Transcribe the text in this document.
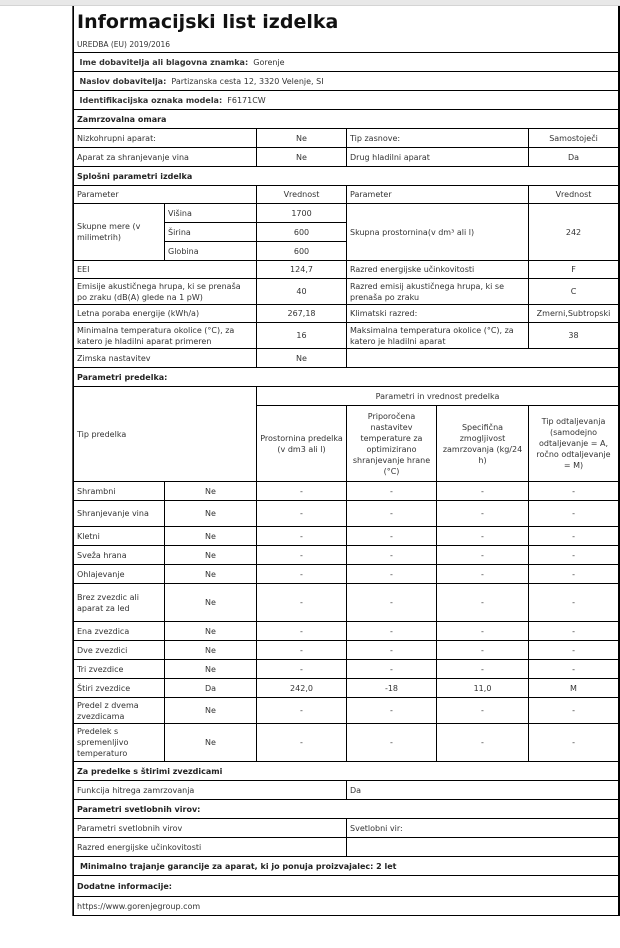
Informacijski list izdelka					
UREDBA (EU) 2019/2016					
Ime dobavitelja ali blagovna znamka: Gorenje					
Naslov dobavitelja: Partizanska cesta 12, 3320 Velenje, SI					
Identifikacijska oznaka modela: F6171CW					
Zamrzovalna omara					
Nizkohrupni aparat:		Ne	Tip zasnove:		Samostoječi
Aparat za shranjevanje vina		Ne	Drug hladilni aparat		Da
Splošni parametri izdelka					
Parameter		Vrednost	Parameter		Vrednost
Skupne mere (v milimetrih)	Višina	1700	Skupna prostornina(v dm³ ali l)		242
	Širina	600			
	Globina	600			
EEI		124,7	Razred energijske učinkovitosti		F
Emisije akustičnega hrupa, ki se prenaša po zraku (dB(A) glede na 1 pW)		40	Razred emisij akustičnega hrupa, ki se prenaša po zraku		C
Letna poraba energije (kWh/a)		267,18	Klimatski razred:		Zmerni,Subtropski
Minimalna temperatura okolice (°C), za katero je hladilni aparat primeren		16	Maksimalna temperatura okolice (°C), za katero je hladilni aparat		38
Zimska nastavitev		Ne			
Parametri predelka:					
Tip predelka		Parametri in vrednost predelka			
		Prostornina predelka (v dm3 ali l)	Priporočena nastavitev temperature za optimizirano shranjevanje hrane (°C)	Specifična zmogljivost zamrzovanja (kg/24 h)	Tip odtaljevanja (samodejno odtaljevanje = A, ročno odtaljevanje = M)
Shrambni	Ne	-	-	-	-
Shranjevanje vina	Ne	-	-	-	-
Kletni	Ne	-	-	-	-
Sveža hrana	Ne	-	-	-	-
Ohlajevanje	Ne	-	-	-	-
Brez zvezdic ali aparat za led	Ne	-	-	-	-
Ena zvezdica	Ne	-	-	-	-
Dve zvezdici	Ne	-	-	-	-
Tri zvezdice	Ne	-	-	-	-
Štiri zvezdice	Da	242,0	-18	11,0	M
Predel z dvema zvezdicama	Ne	-	-	-	-
Predelek s spremenljivo temperaturo	Ne	-	-	-	-
Za predelke s štirimi zvezdicami					
Funkcija hitrega zamrzovanja			Da		
Parametri svetlobnih virov:					
Parametri svetlobnih virov			Svetlobni vir:		
Razred energijske učinkovitosti					
Minimalno trajanje garancije za aparat, ki jo ponuja proizvajalec: 2 let					
Dodatne informacije:					
https://www.gorenjegroup.com					
